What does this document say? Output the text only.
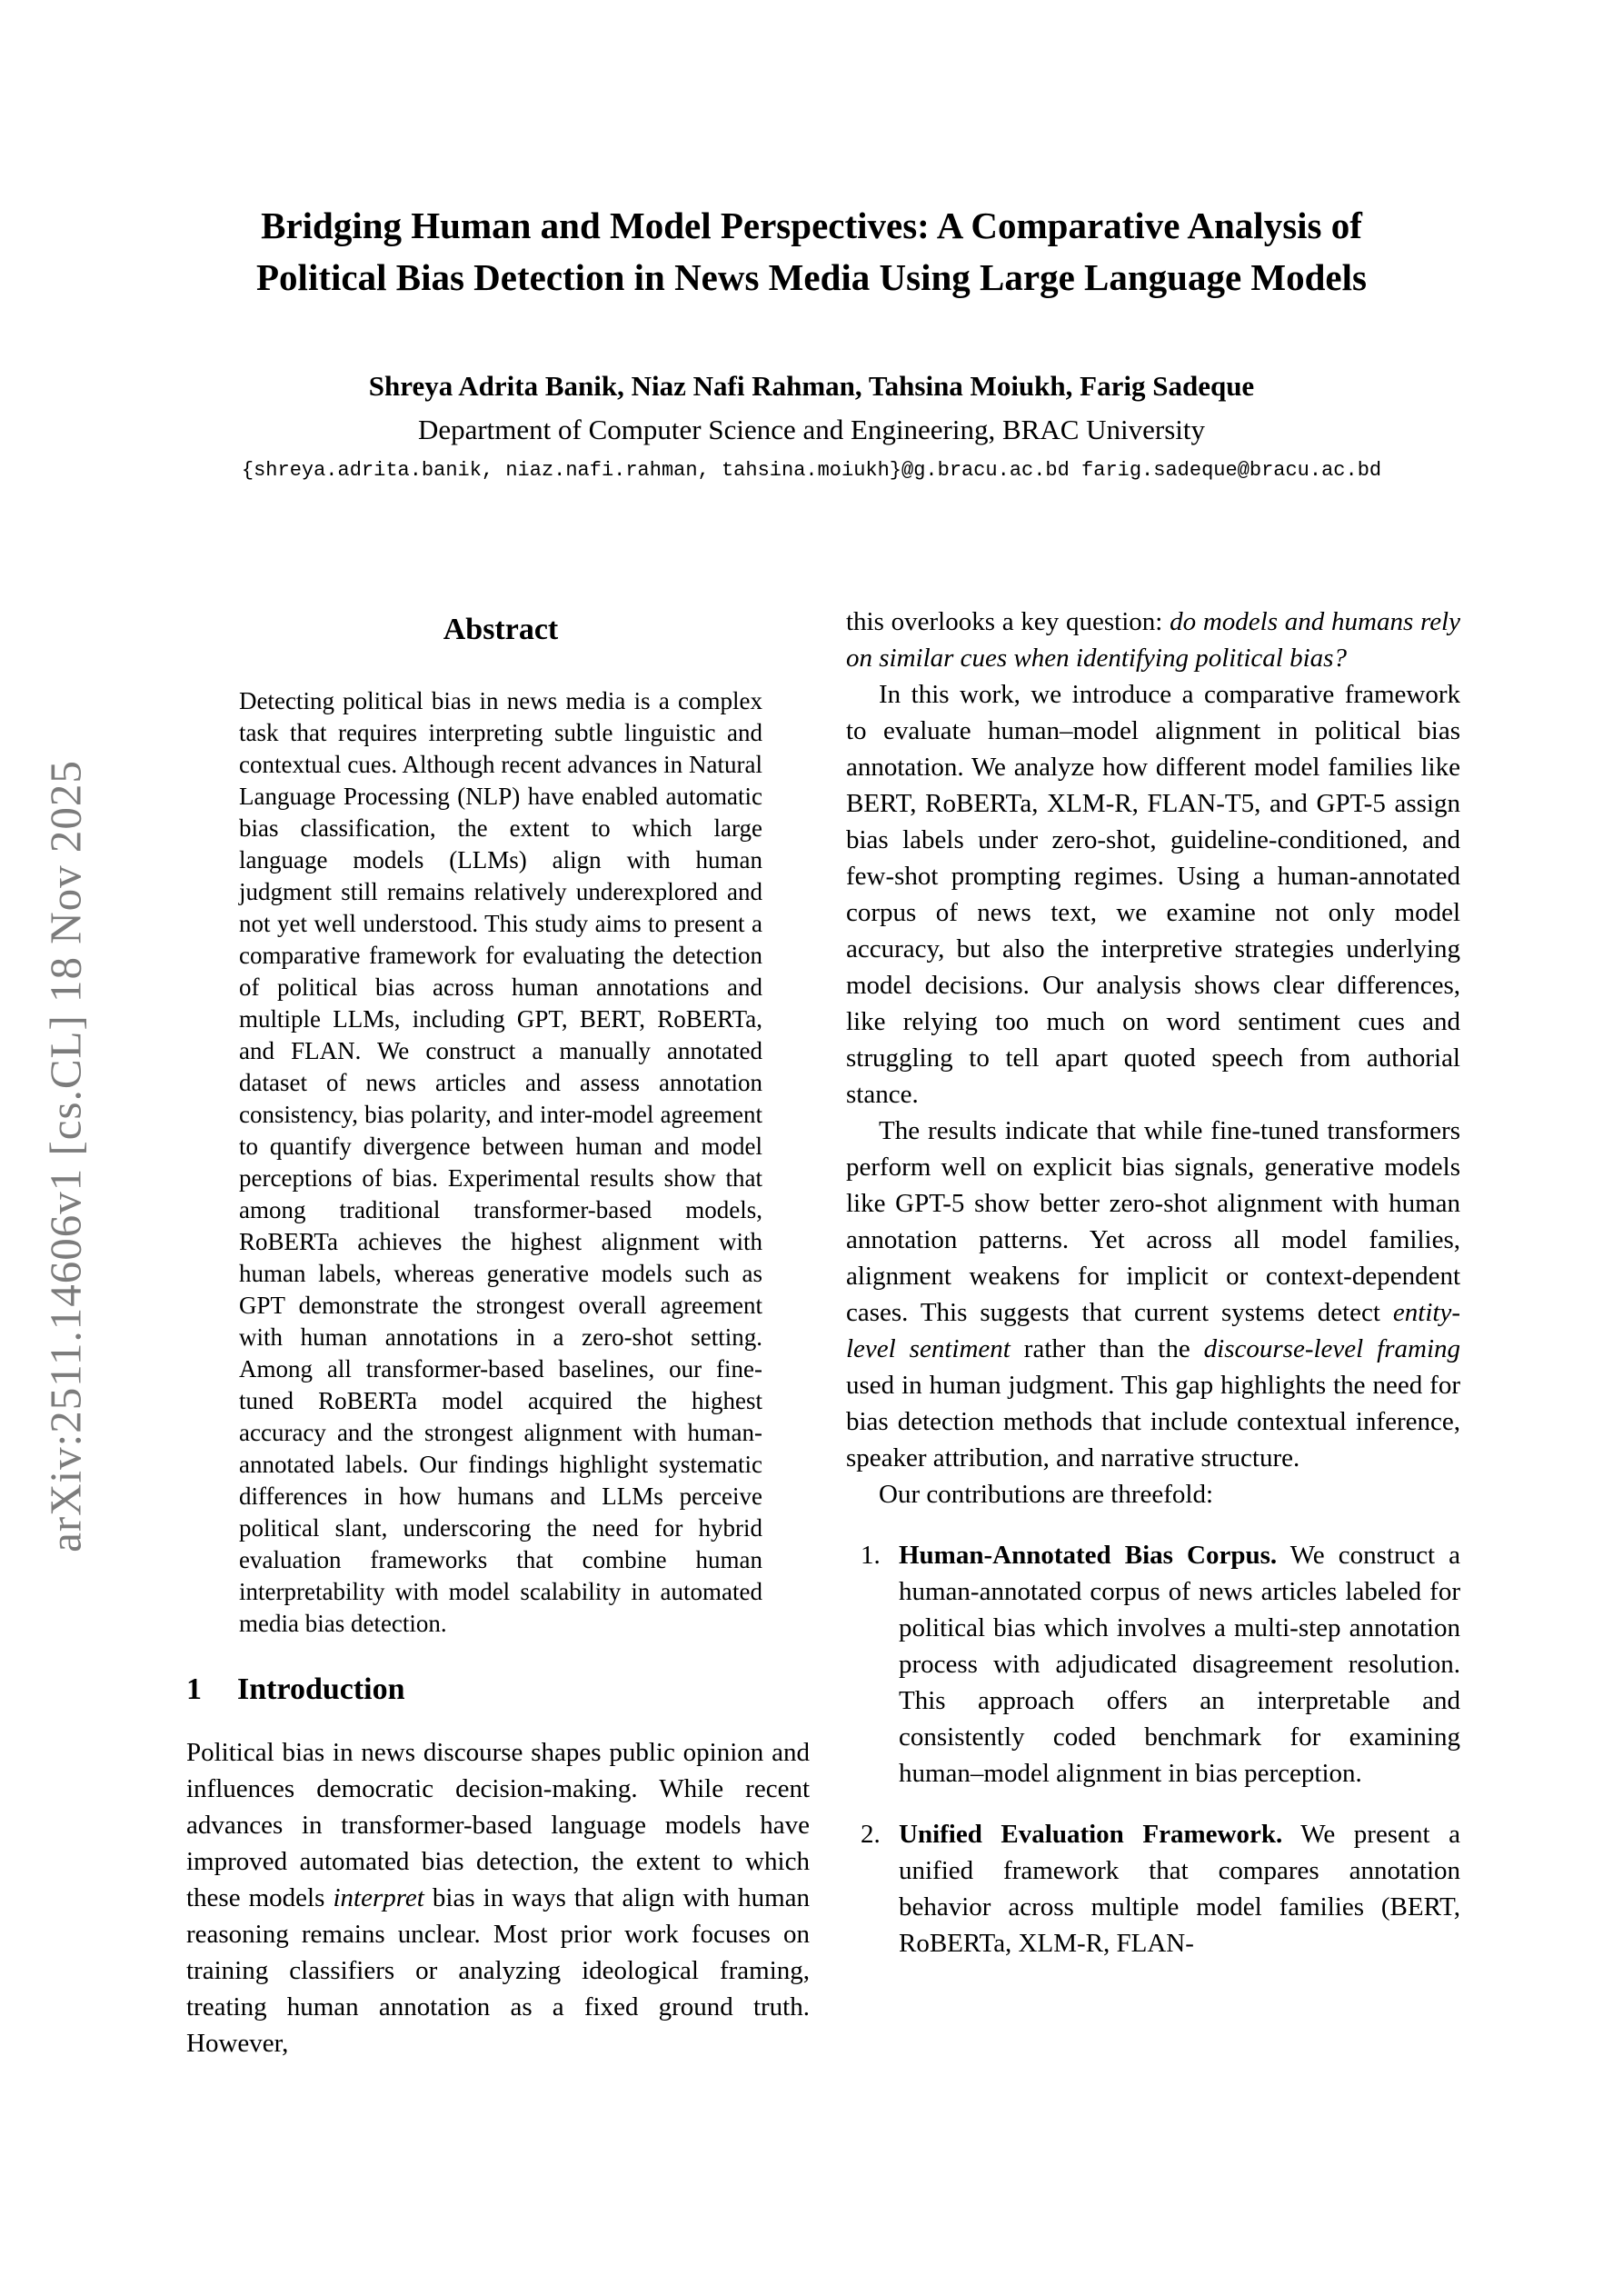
arXiv:2511.14606v1 [cs.CL] 18 Nov 2025
Bridging Human and Model Perspectives: A Comparative Analysis of
Political Bias Detection in News Media Using Large Language Models
Shreya Adrita Banik, Niaz Nafi Rahman, Tahsina Moiukh, Farig Sadeque
Department of Computer Science and Engineering, BRAC University
{shreya.adrita.banik, niaz.nafi.rahman, tahsina.moiukh}@g.bracu.ac.bd farig.sadeque@bracu.ac.bd
Abstract

Detecting political bias in news media is a complex task that requires interpreting subtle linguistic and contextual cues. Although recent advances in Natural Language Processing (NLP) have enabled automatic bias classification, the extent to which large language models (LLMs) align with human judgment still remains relatively underexplored and not yet well understood. This study aims to present a comparative framework for evaluating the detection of political bias across human annotations and multiple LLMs, including GPT, BERT, RoBERTa, and FLAN. We construct a manually annotated dataset of news articles and assess annotation consistency, bias polarity, and inter-model agreement to quantify divergence between human and model perceptions of bias. Experimental results show that among traditional transformer-based models, RoBERTa achieves the highest alignment with human labels, whereas generative models such as GPT demonstrate the strongest overall agreement with human annotations in a zero-shot setting. Among all transformer-based baselines, our fine-tuned RoBERTa model acquired the highest accuracy and the strongest alignment with human-annotated labels. Our findings highlight systematic differences in how humans and LLMs perceive political slant, underscoring the need for hybrid evaluation frameworks that combine human interpretability with model scalability in automated media bias detection.

1 Introduction

Political bias in news discourse shapes public opinion and influences democratic decision-making. While recent advances in transformer-based language models have improved automated bias detection, the extent to which these models interpret bias in ways that align with human reasoning remains unclear. Most prior work focuses on training classifiers or analyzing ideological framing, treating human annotation as a fixed ground truth. However,

this overlooks a key question: do models and humans rely on similar cues when identifying political bias?

In this work, we introduce a comparative framework to evaluate human–model alignment in political bias annotation. We analyze how different model families like BERT, RoBERTa, XLM-R, FLAN-T5, and GPT-5 assign bias labels under zero-shot, guideline-conditioned, and few-shot prompting regimes. Using a human-annotated corpus of news text, we examine not only model accuracy, but also the interpretive strategies underlying model decisions. Our analysis shows clear differences, like relying too much on word sentiment cues and struggling to tell apart quoted speech from authorial stance.

The results indicate that while fine-tuned transformers perform well on explicit bias signals, generative models like GPT-5 show better zero-shot alignment with human annotation patterns. Yet across all model families, alignment weakens for implicit or context-dependent cases. This suggests that current systems detect entity-level sentiment rather than the discourse-level framing used in human judgment. This gap highlights the need for bias detection methods that include contextual inference, speaker attribution, and narrative structure.

Our contributions are threefold:

1. Human-Annotated Bias Corpus. We construct a human-annotated corpus of news articles labeled for political bias which involves a multi-step annotation process with adjudicated disagreement resolution. This approach offers an interpretable and consistently coded benchmark for examining human–model alignment in bias perception.
2. Unified Evaluation Framework. We present a unified framework that compares annotation behavior across multiple model families (BERT, RoBERTa, XLM-R, FLAN-
